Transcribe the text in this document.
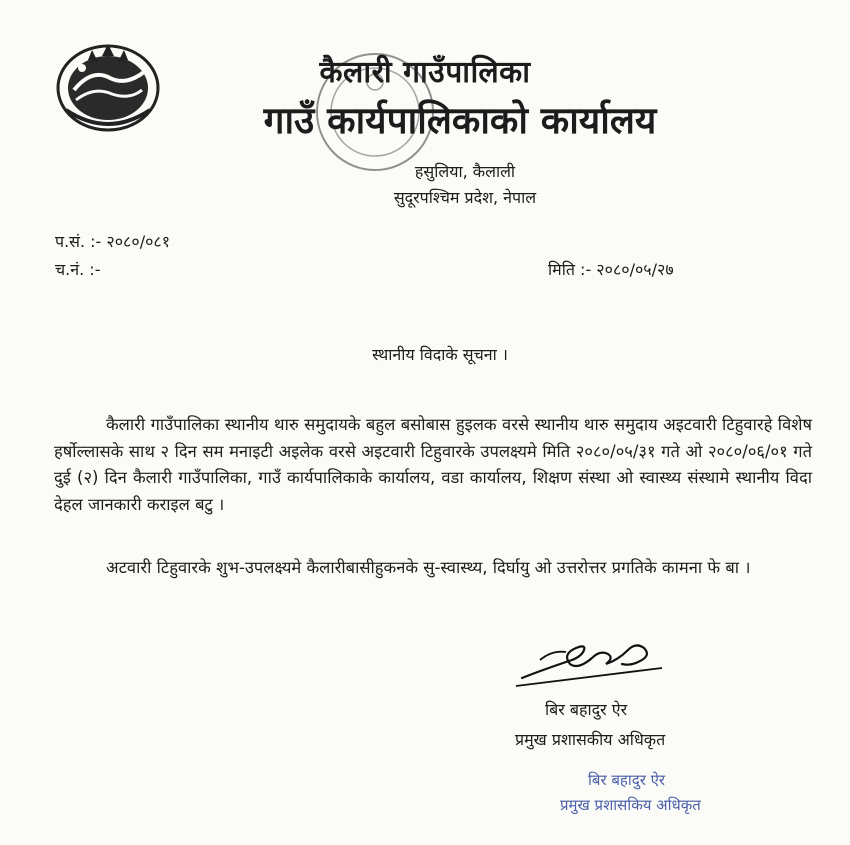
कैलारी गाउँपालिका
गाउँ कार्यपालिकाको कार्यालय
हसुलिया, कैलाली
सुदूरपश्चिम प्रदेश, नेपाल
प.सं. :- २०८०/०८१
च.नं. :-	मिति :- २०८०/०५/२७
स्थानीय विदाके सूचना ।
कैलारी गाउँपालिका स्थानीय थारु समुदायके बहुल बसोबास हुइलक वरसे स्थानीय थारु समुदाय अइटवारी टिहुवारहे विशेष हर्षोल्लासके साथ २ दिन सम मनाइटी अइलेक वरसे अइटवारी टिहुवारके उपलक्ष्यमे मिति २०८०/०५/३१ गते ओ २०८०/०६/०१ गते दुई (२) दिन कैलारी गाउँपालिका, गाउँ कार्यपालिकाके कार्यालय, वडा कार्यालय, शिक्षण संस्था ओ स्वास्थ्य संस्थामे स्थानीय विदा देहल जानकारी कराइल बटु ।
अटवारी टिहुवारके शुभ-उपलक्ष्यमे कैलारीबासीहुकनके सु-स्वास्थ्य, दिर्घायु ओ उत्तरोत्तर प्रगतिके कामना फे बा ।
बिर बहादुर ऐर
प्रमुख प्रशासकीय अधिकृत
बिर बहादुर ऐर
प्रमुख प्रशासकिय अधिकृत
